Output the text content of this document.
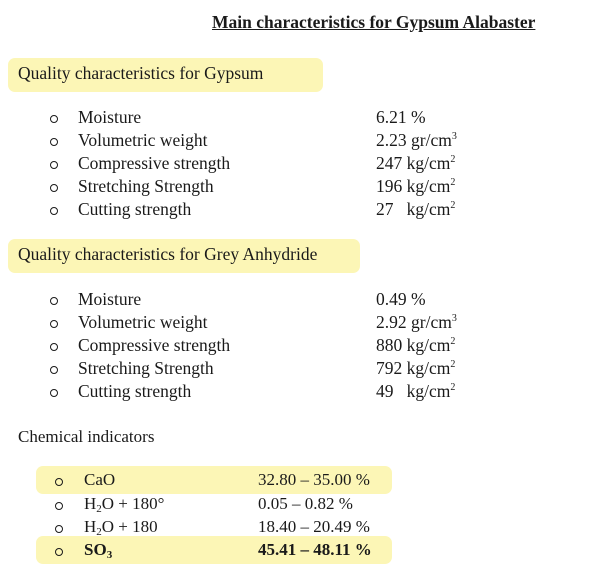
Main characteristics for Gypsum Alabaster
Quality characteristics for Gypsum
Moisture	6.21 %
Volumetric weight	2.23 $gr/cm^3$
Compressive strength	247 $kg/cm^2$
Stretching Strength	196 $kg/cm^2$
Cutting strength	27   $kg/cm^2$
Quality characteristics for Grey Anhydride
Moisture	0.49 %
Volumetric weight	2.92 $gr/cm^3$
Compressive strength	880 $kg/cm^2$
Stretching Strength	792 $kg/cm^2$
Cutting strength	49   $kg/cm^2$
Chemical indicators
CaO	32.80 – 35.00 %
$H_2O + 180^\circ$	0.05 – 0.82 %
$H_2O + 180$	18.40 – 20.49 %
$SO_3$	45.41 – 48.11 %
